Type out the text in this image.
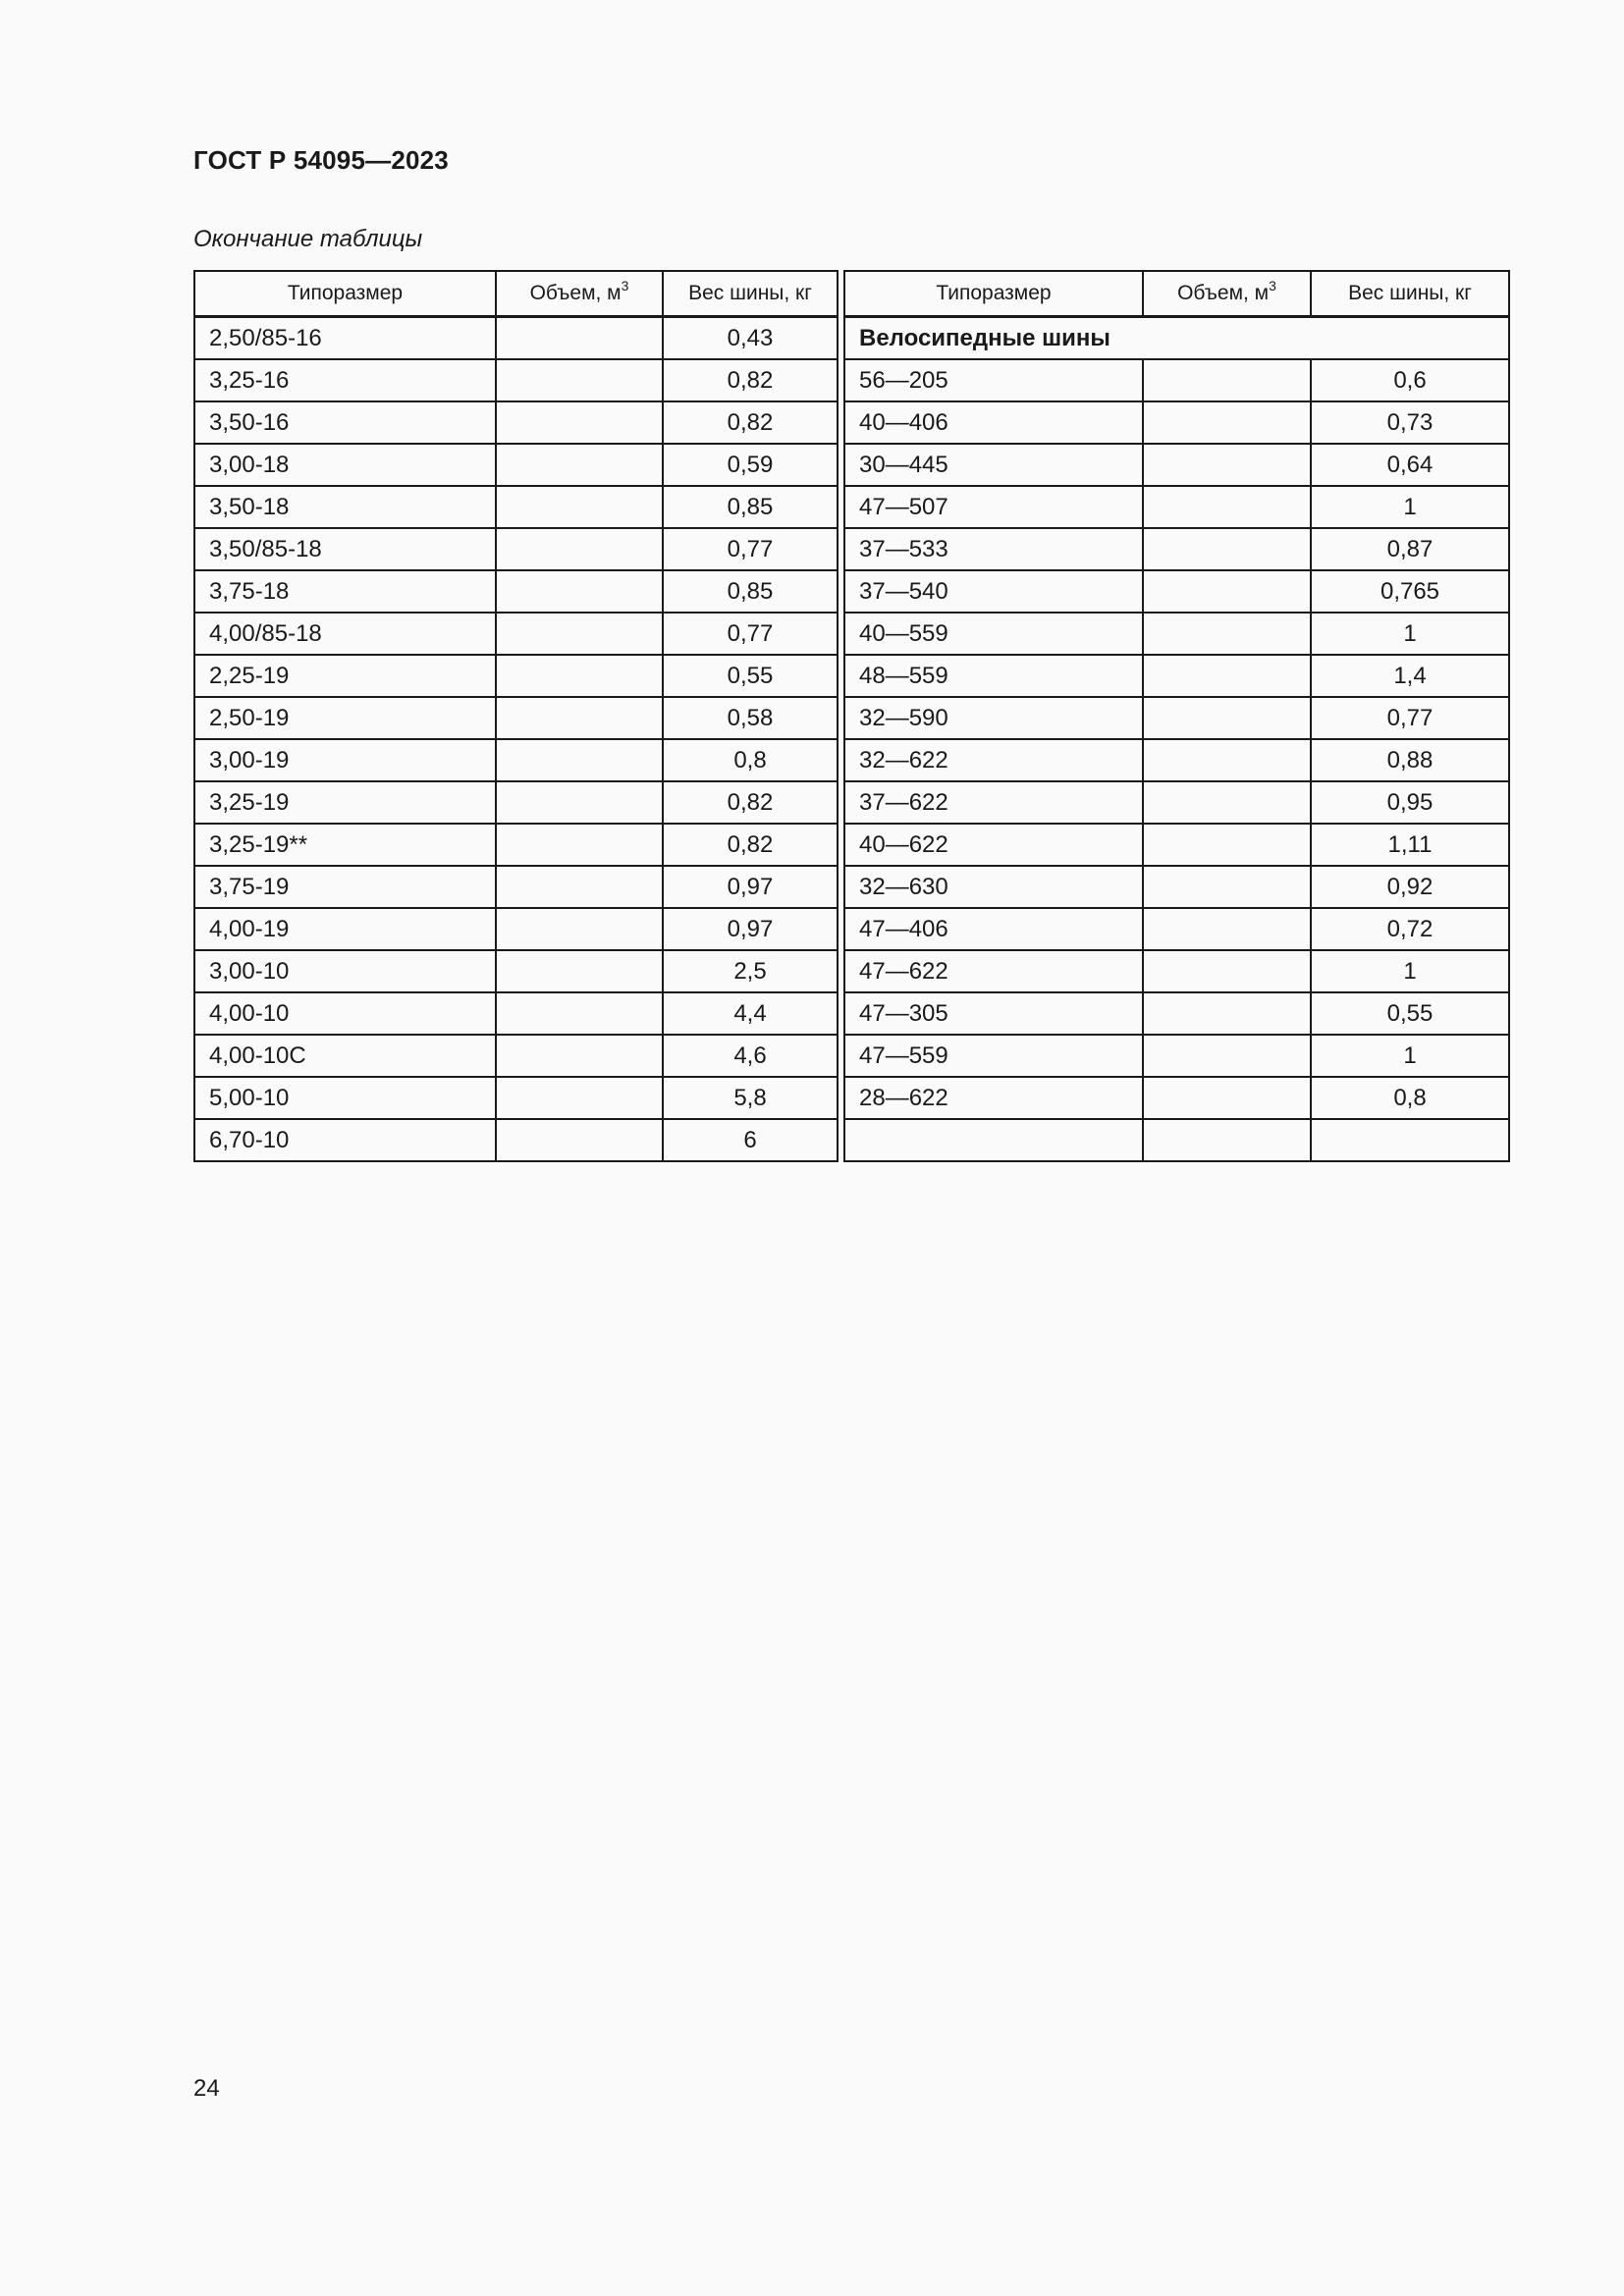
ГОСТ Р 54095—2023
Окончание таблицы
Типоразмер	Объем, $м^3$	Вес шины, кг		Типоразмер	Объем, $м^3$	Вес шины, кг
2,50/85-16		0,43		Велосипедные шины		
3,25-16		0,82		56—205		0,6
3,50-16		0,82		40—406		0,73
3,00-18		0,59		30—445		0,64
3,50-18		0,85		47—507		1
3,50/85-18		0,77		37—533		0,87
3,75-18		0,85		37—540		0,765
4,00/85-18		0,77		40—559		1
2,25-19		0,55		48—559		1,4
2,50-19		0,58		32—590		0,77
3,00-19		0,8		32—622		0,88
3,25-19		0,82		37—622		0,95
3,25-19**		0,82		40—622		1,11
3,75-19		0,97		32—630		0,92
4,00-19		0,97		47—406		0,72
3,00-10		2,5		47—622		1
4,00-10		4,4		47—305		0,55
4,00-10C		4,6		47—559		1
5,00-10		5,8		28—622		0,8
6,70-10		6				
24
